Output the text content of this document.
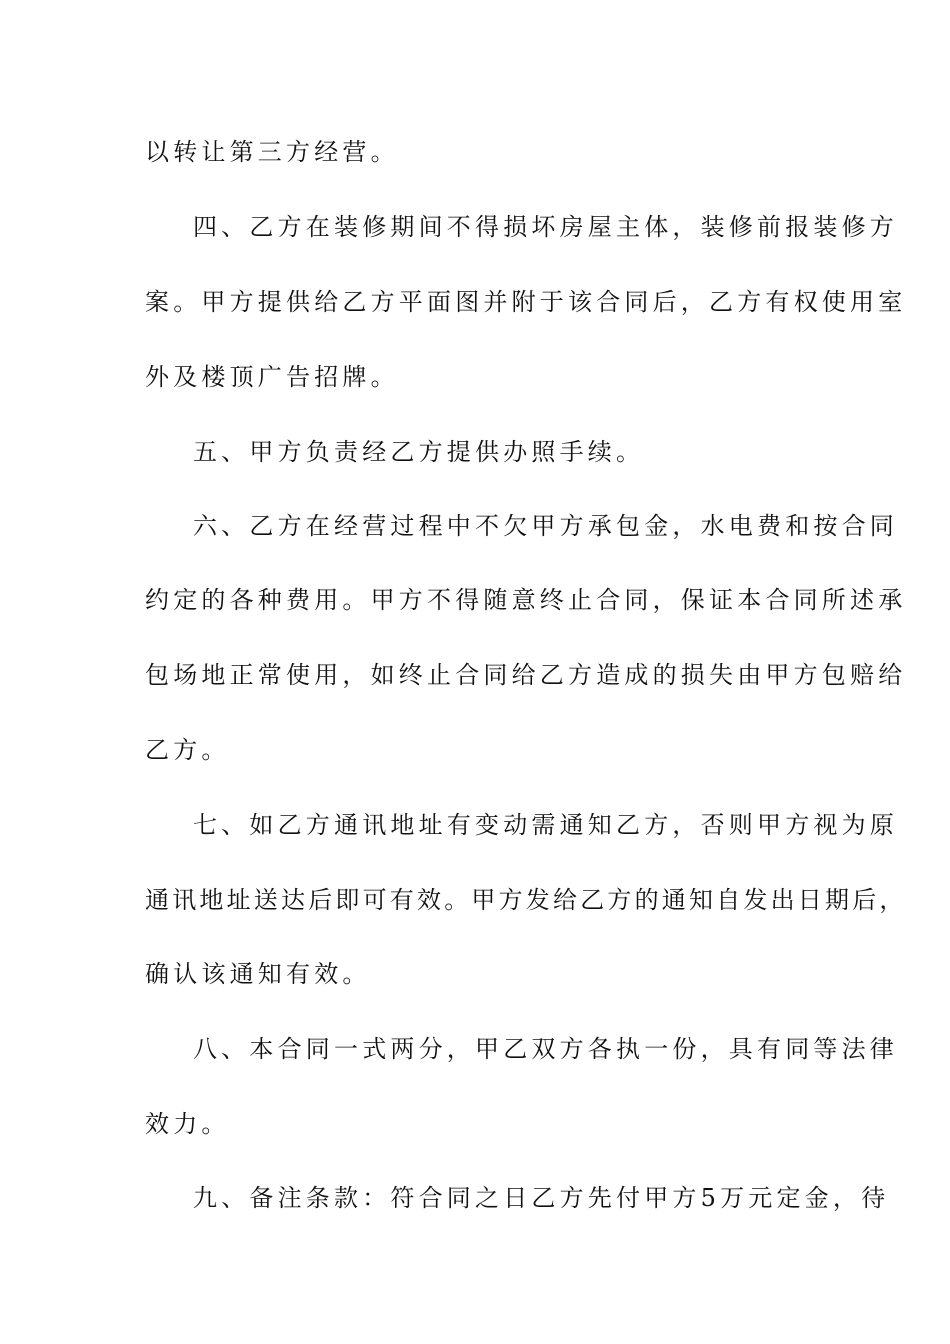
以转让第三方经营。
四、乙方在装修期间不得损坏房屋主体，装修前报装修方
案。甲方提供给乙方平面图并附于该合同后，乙方有权使用室
外及楼顶广告招牌。
五、甲方负责经乙方提供办照手续。
六、乙方在经营过程中不欠甲方承包金，水电费和按合同
约定的各种费用。甲方不得随意终止合同，保证本合同所述承
包场地正常使用，如终止合同给乙方造成的损失由甲方包赔给
乙方。
七、如乙方通讯地址有变动需通知乙方，否则甲方视为原
通讯地址送达后即可有效。甲方发给乙方的通知自发出日期后，
确认该通知有效。
八、本合同一式两分，甲乙双方各执一份，具有同等法律
效力。
九、备注条款：符合同之日乙方先付甲方5万元定金，待
